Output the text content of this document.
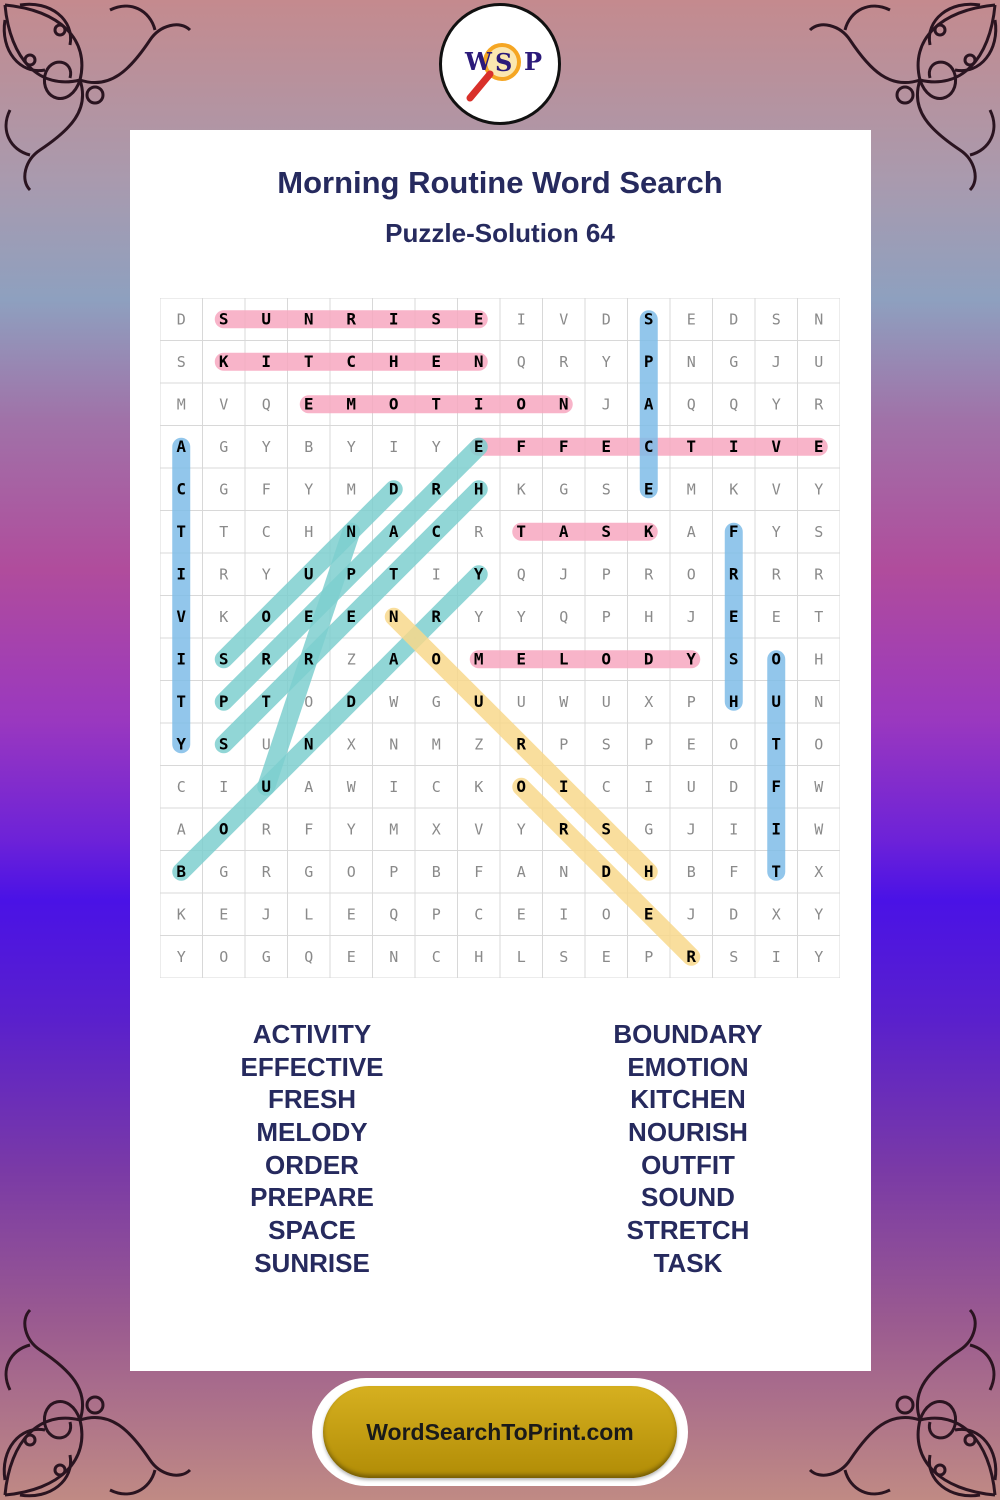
W S P
Morning Routine Word Search
Puzzle-Solution 64
D S U N R I S E I V D S E D S N
S K I T C H E N Q R Y P N G J U
M V Q E M O T I O N J A Q Q Y R
A G Y B Y I Y E F F E C T I V E
C G F Y M D R H K G S E M K V Y
T T C H N A C R T A S K A F Y S
I R Y U P T I Y Q J P R O R R R
V K O E E N R Y Y Q P H J E E T
I S R R Z A O M E L O D Y S O H
T P T O D W G U U W U X P H U N
Y S U N X N M Z R P S P E O T O
C I U A W I C K O I C I U D F W
A O R F Y M X V Y R S G J I I W
B G R G O P B F A N D H B F T X
K E J L E Q P C E I O E J D X Y
Y O G Q E N C H L S E P R S I Y
ACTIVITY
EFFECTIVE
FRESH
MELODY
ORDER
PREPARE
SPACE
SUNRISE
BOUNDARY
EMOTION
KITCHEN
NOURISH
OUTFIT
SOUND
STRETCH
TASK
WordSearchToPrint.com
